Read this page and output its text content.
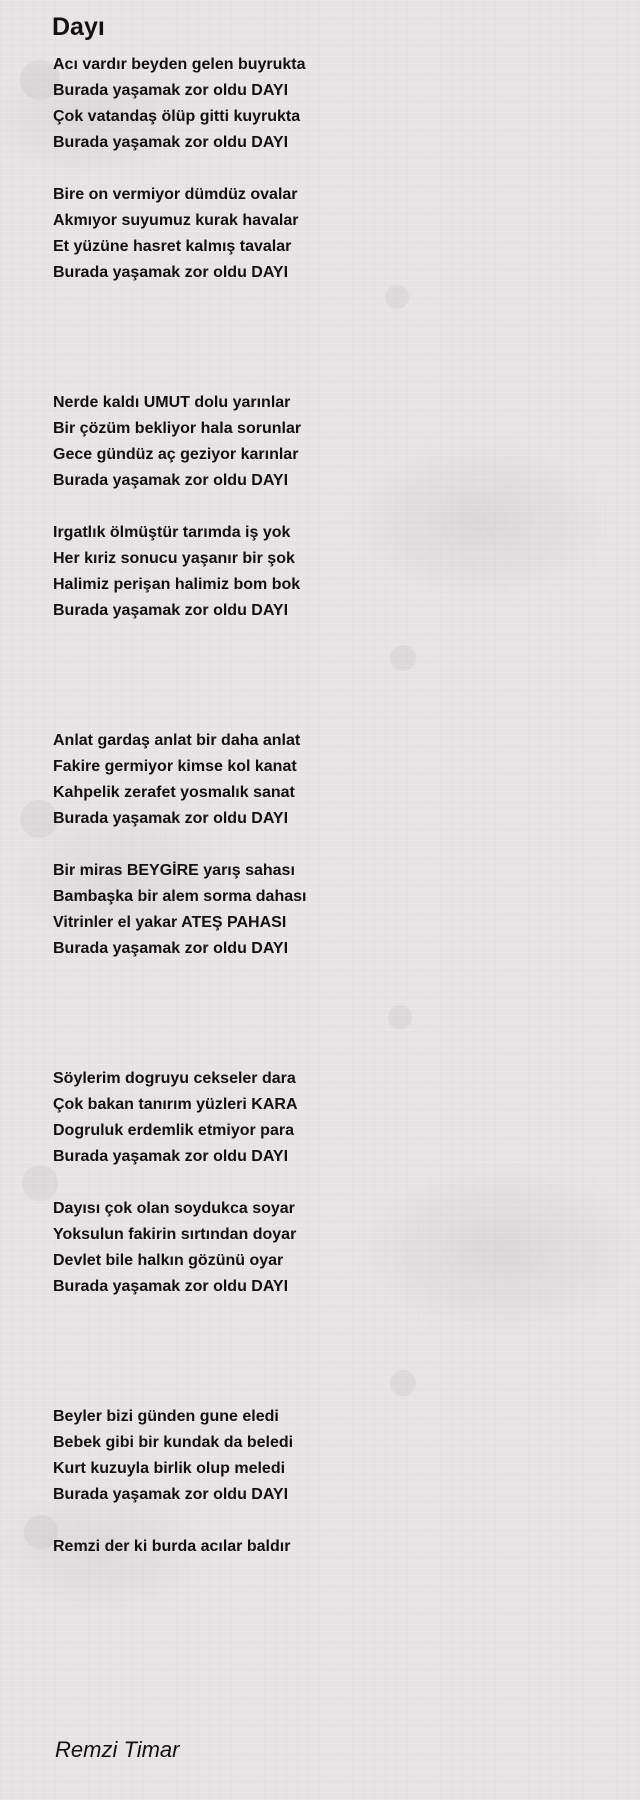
Dayı
Acı vardır beyden gelen buyrukta
Burada yaşamak zor oldu DAYI
Çok vatandaş ölüp gitti kuyrukta
Burada yaşamak zor oldu DAYI
Bire on vermiyor dümdüz ovalar
Akmıyor suyumuz kurak havalar
Et yüzüne hasret kalmış tavalar
Burada yaşamak zor oldu DAYI
Nerde kaldı UMUT dolu yarınlar
Bir çözüm bekliyor hala sorunlar
Gece gündüz aç geziyor karınlar
Burada yaşamak zor oldu DAYI
Irgatlık ölmüştür tarımda iş yok
Her kıriz sonucu yaşanır bir şok
Halimiz perişan halimiz bom bok
Burada yaşamak zor oldu DAYI
Anlat gardaş anlat bir daha anlat
Fakire germiyor kimse kol kanat
Kahpelik zerafet yosmalık sanat
Burada yaşamak zor oldu DAYI
Bir miras BEYGİRE yarış sahası
Bambaşka bir alem sorma dahası
Vitrinler el yakar ATEŞ PAHASI
Burada yaşamak zor oldu DAYI
Söylerim dogruyu cekseler dara
Çok bakan tanırım yüzleri KARA
Dogruluk erdemlik etmiyor para
Burada yaşamak zor oldu DAYI
Dayısı çok olan soydukca soyar
Yoksulun fakirin sırtından doyar
Devlet bile halkın gözünü oyar
Burada yaşamak zor oldu DAYI
Beyler bizi günden gune eledi
Bebek gibi bir kundak da beledi
Kurt kuzuyla birlik olup meledi
Burada yaşamak zor oldu DAYI
Remzi der ki burda acılar baldır
Remzi Timar
